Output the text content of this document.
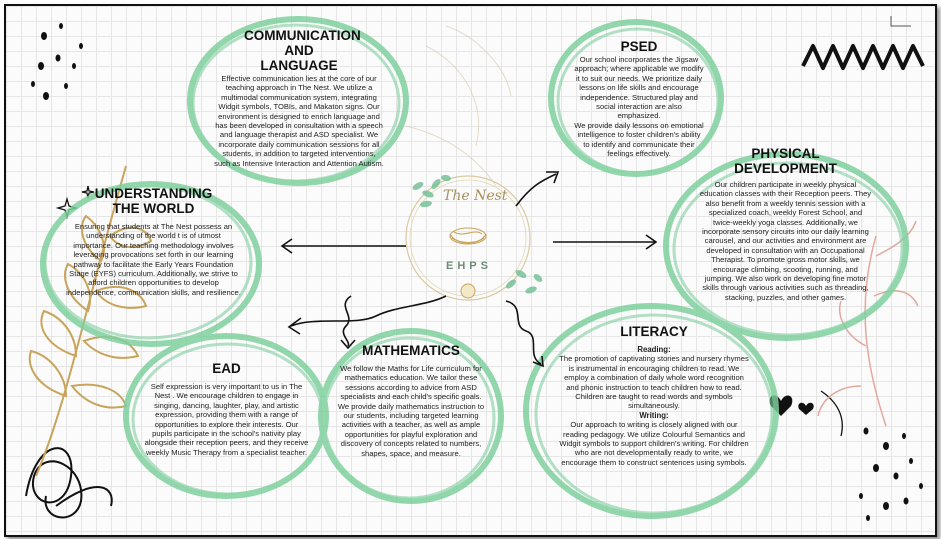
The Nest
EHPS
COMMUNICATION AND LANGUAGE
Effective communication lies at the core of our teaching approach in The Nest. We utilize a multimodal communication system, integrating Widgit symbols, TOBIs, and Makaton signs. Our environment is designed to enrich language and has been developed in consultation with a speech and language therapist and ASD specialist. We incorporate daily communication sessions for all students, in addition to targeted interventions, such as Intensive Interaction and Attention Autism.
PSED
Our school incorporates the Jigsaw approach; where applicable we modify it to suit our needs. We prioritize daily lessons on life skills and encourage independence. Structured play and social interaction are also emphasized.
We provide daily lessons on emotional intelligence to foster children's ability to identify and communicate their feelings effectively.
UNDERSTANDING THE WORLD
Ensuring that students at The Nest possess an understanding of the world t is of utmost importance. Our teaching methodology involves leveraging provocations set forth in our learning pathway to facilitate the Early Years Foundation Stage (EYFS) curriculum. Additionally, we strive to afford children opportunities to develop independence, communication skills, and resilience.
PHYSICAL DEVELOPMENT
Our children participate in weekly physical education classes with their Reception peers. They also benefit from a weekly tennis session with a specialized coach, weekly Forest School, and twice-weekly yoga classes. Additionally, we incorporate sensory circuits into our daily learning carousel, and our activities and environment are developed in consultation with an Occupational Therapist. To promote gross motor skills, we encourage climbing, scooting, running, and jumping. We also work on developing fine motor skills through various activities such as threading, stacking, puzzles, and other games.
EAD
Self expression is very important to us in The Nest . We encourage children to engage in singing, dancing, laughter, play, and artistic expression, providing them with a range of opportunities to explore their interests. Our pupils participate in the school's nativity play alongside their reception peers, and they receive weekly Music Therapy from a specialist teacher.
MATHEMATICS
We follow the Maths for Life curriculum for mathematics education. We tailor these sessions according to advice from ASD specialists and each child's specific goals. We provide daily mathematics instruction to our students, including targeted learning activities with a teacher, as well as ample opportunities for playful exploration and discovery of concepts related to numbers, shapes, space, and measure.
LITERACY
Reading:
The promotion of captivating stories and nursery rhymes is instrumental in encouraging children to read. We employ a combination of daily whole word recognition and phonic instruction to teach children how to read. Children are taught to read words and symbols simultaneously.
Writing:
Our approach to writing is closely aligned with our reading pedagogy. We utilize Colourful Semantics and Widgit symbols to support children's writing. For children who are not developmentally ready to write, we encourage them to construct sentences using symbols.
